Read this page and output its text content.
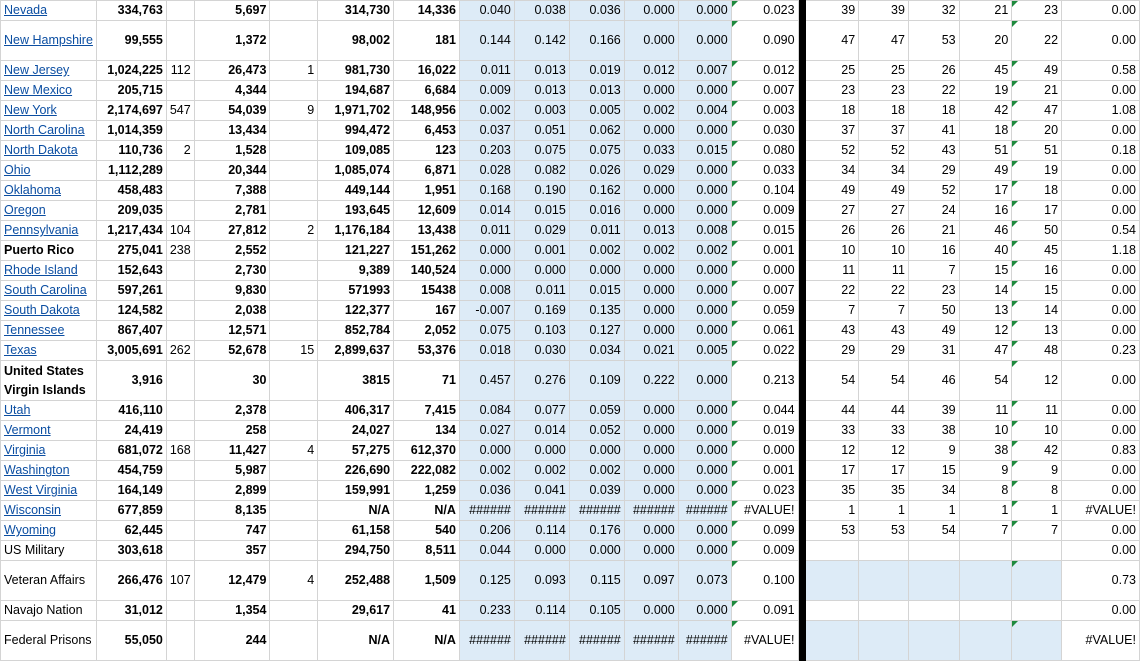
Nevada	334,763		5,697		314,730	14,336	0.040	0.038	0.036	0.000	0.000	0.023		39	39	32	21	23	0.00
New Hampshire	99,555		1,372		98,002	181	0.144	0.142	0.166	0.000	0.000	0.090		47	47	53	20	22	0.00
New Jersey	1,024,225	112	26,473	1	981,730	16,022	0.011	0.013	0.019	0.012	0.007	0.012		25	25	26	45	49	0.58
New Mexico	205,715		4,344		194,687	6,684	0.009	0.013	0.013	0.000	0.000	0.007		23	23	22	19	21	0.00
New York	2,174,697	547	54,039	9	1,971,702	148,956	0.002	0.003	0.005	0.002	0.004	0.003		18	18	18	42	47	1.08
North Carolina	1,014,359		13,434		994,472	6,453	0.037	0.051	0.062	0.000	0.000	0.030		37	37	41	18	20	0.00
North Dakota	110,736	2	1,528		109,085	123	0.203	0.075	0.075	0.033	0.015	0.080		52	52	43	51	51	0.18
Ohio	1,112,289		20,344		1,085,074	6,871	0.028	0.082	0.026	0.029	0.000	0.033		34	34	29	49	19	0.00
Oklahoma	458,483		7,388		449,144	1,951	0.168	0.190	0.162	0.000	0.000	0.104		49	49	52	17	18	0.00
Oregon	209,035		2,781		193,645	12,609	0.014	0.015	0.016	0.000	0.000	0.009		27	27	24	16	17	0.00
Pennsylvania	1,217,434	104	27,812	2	1,176,184	13,438	0.011	0.029	0.011	0.013	0.008	0.015		26	26	21	46	50	0.54
Puerto Rico	275,041	238	2,552		121,227	151,262	0.000	0.001	0.002	0.002	0.002	0.001		10	10	16	40	45	1.18
Rhode Island	152,643		2,730		9,389	140,524	0.000	0.000	0.000	0.000	0.000	0.000		11	11	7	15	16	0.00
South Carolina	597,261		9,830		571993	15438	0.008	0.011	0.015	0.000	0.000	0.007		22	22	23	14	15	0.00
South Dakota	124,582		2,038		122,377	167	-0.007	0.169	0.135	0.000	0.000	0.059		7	7	50	13	14	0.00
Tennessee	867,407		12,571		852,784	2,052	0.075	0.103	0.127	0.000	0.000	0.061		43	43	49	12	13	0.00
Texas	3,005,691	262	52,678	15	2,899,637	53,376	0.018	0.030	0.034	0.021	0.005	0.022		29	29	31	47	48	0.23
United States Virgin Islands	3,916		30		3815	71	0.457	0.276	0.109	0.222	0.000	0.213		54	54	46	54	12	0.00
Utah	416,110		2,378		406,317	7,415	0.084	0.077	0.059	0.000	0.000	0.044		44	44	39	11	11	0.00
Vermont	24,419		258		24,027	134	0.027	0.014	0.052	0.000	0.000	0.019		33	33	38	10	10	0.00
Virginia	681,072	168	11,427	4	57,275	612,370	0.000	0.000	0.000	0.000	0.000	0.000		12	12	9	38	42	0.83
Washington	454,759		5,987		226,690	222,082	0.002	0.002	0.002	0.000	0.000	0.001		17	17	15	9	9	0.00
West Virginia	164,149		2,899		159,991	1,259	0.036	0.041	0.039	0.000	0.000	0.023		35	35	34	8	8	0.00
Wisconsin	677,859		8,135		N/A	N/A	######	######	######	######	######	#VALUE!		1	1	1	1	1	#VALUE!
Wyoming	62,445		747		61,158	540	0.206	0.114	0.176	0.000	0.000	0.099		53	53	54	7	7	0.00
US Military	303,618		357		294,750	8,511	0.044	0.000	0.000	0.000	0.000	0.009							0.00
Veteran Affairs	266,476	107	12,479	4	252,488	1,509	0.125	0.093	0.115	0.097	0.073	0.100							0.73
Navajo Nation	31,012		1,354		29,617	41	0.233	0.114	0.105	0.000	0.000	0.091							0.00
Federal Prisons	55,050		244		N/A	N/A	######	######	######	######	######	#VALUE!							#VALUE!
